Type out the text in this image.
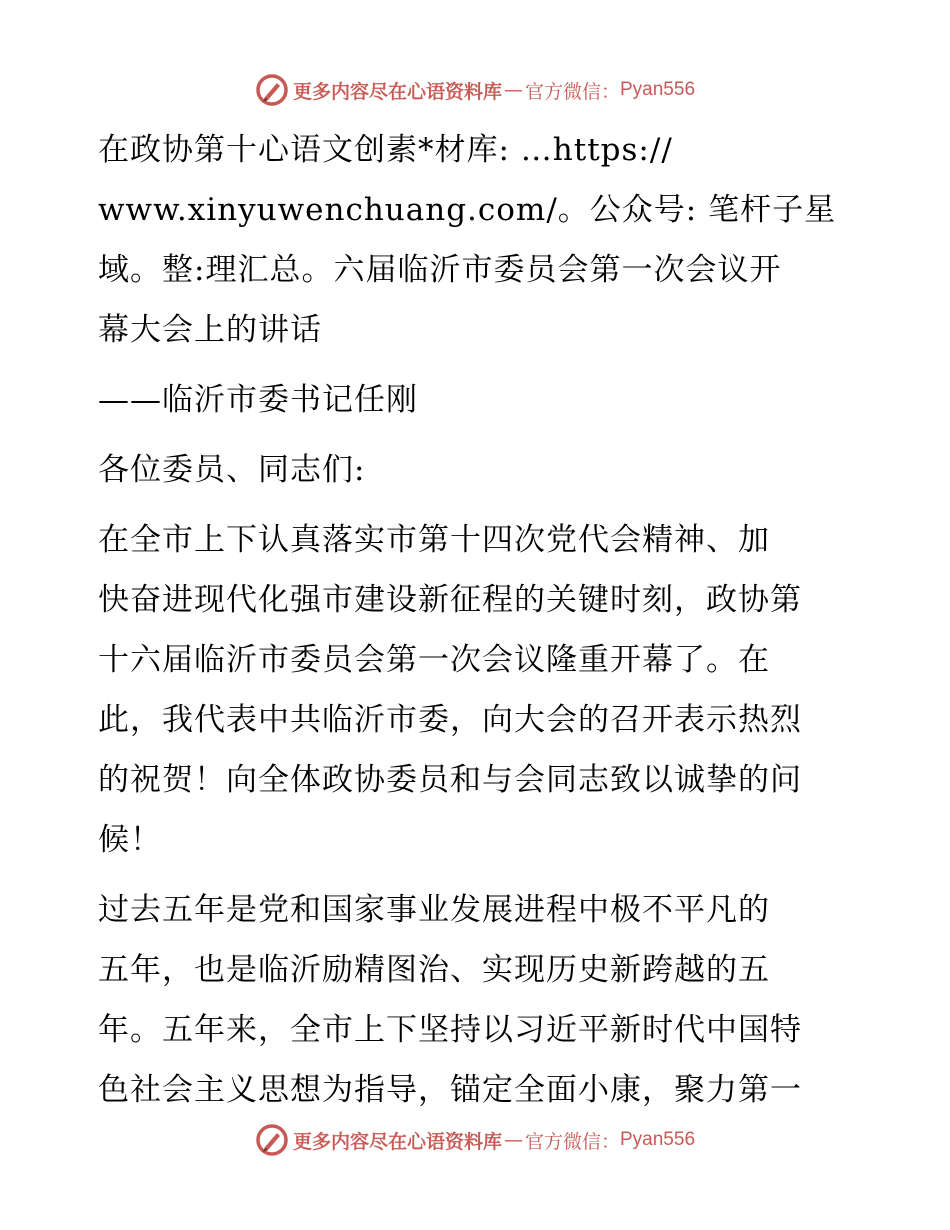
更多内容尽在心语资料库 — 官方微信： Pyan556
在政协第十心语文创素*材库: …https://
www.xinyuwenchuang.com/。公众号: 笔杆子星
域。整:理汇总。六届临沂市委员会第一次会议开
幕大会上的讲话
——临沂市委书记任刚
各位委员、同志们:
在全市上下认真落实市第十四次党代会精神、加
快奋进现代化强市建设新征程的关键时刻，政协第
十六届临沂市委员会第一次会议隆重开幕了。在
此，我代表中共临沂市委，向大会的召开表示热烈
的祝贺！向全体政协委员和与会同志致以诚挚的问
候！
过去五年是党和国家事业发展进程中极不平凡的
五年，也是临沂励精图治、实现历史新跨越的五
年。五年来，全市上下坚持以习近平新时代中国特
色社会主义思想为指导，锚定全面小康，聚力第一
更多内容尽在心语资料库 — 官方微信： Pyan556
